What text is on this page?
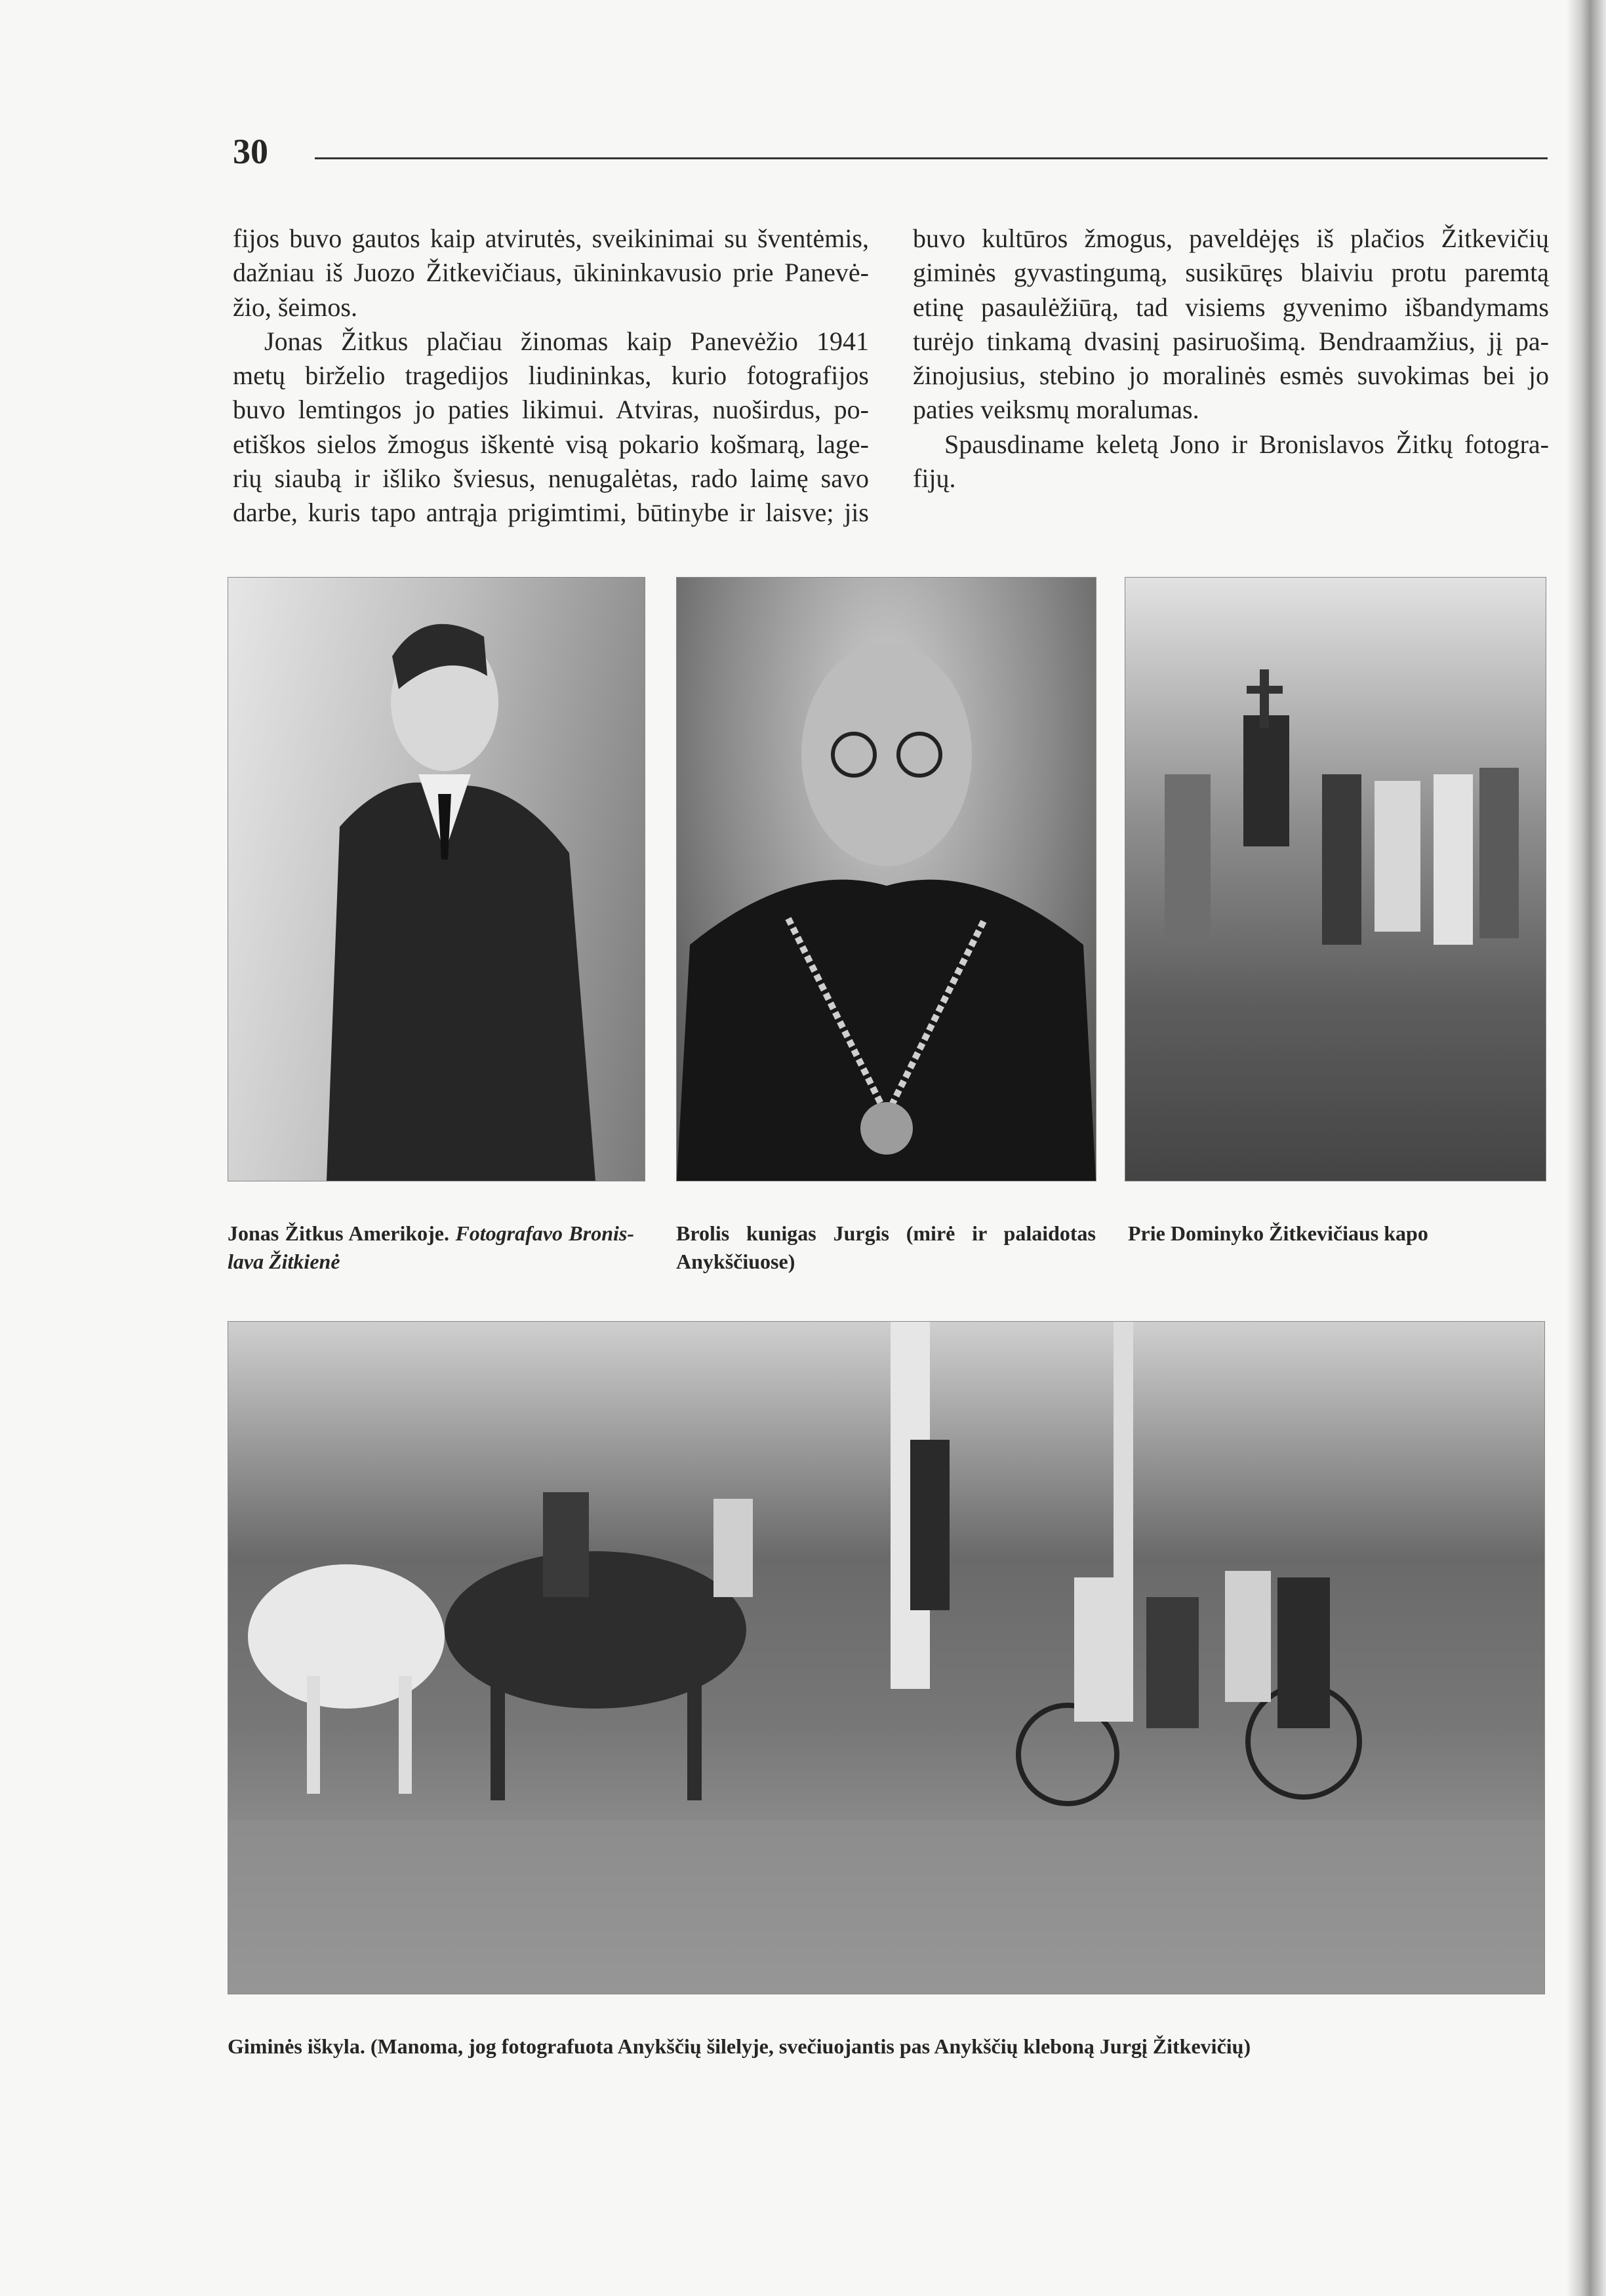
30
fijos buvo gautos kaip atvirutės, sveikinimai su šventėmis,
dažniau iš Juozo Žitkevičiaus, ūkininkavusio prie Panevė-
žio, šeimos.
Jonas Žitkus plačiau žinomas kaip Panevėžio 1941
metų birželio tragedijos liudininkas, kurio fotografijos
buvo lemtingos jo paties likimui. Atviras, nuoširdus, po-
etiškos sielos žmogus iškentė visą pokario košmarą, lage-
rių siaubą ir išliko šviesus, nenugalėtas, rado laimę savo
darbe, kuris tapo antrąja prigimtimi, būtinybe ir laisve; jis
buvo kultūros žmogus, paveldėjęs iš plačios Žitkevičių
giminės gyvastingumą, susikūręs blaiviu protu paremtą
etinę pasaulėžiūrą, tad visiems gyvenimo išbandymams
turėjo tinkamą dvasinį pasiruošimą. Bendraamžius, jį pa-
žinojusius, stebino jo moralinės esmės suvokimas bei jo
paties veiksmų moralumas.
Spausdiname keletą Jono ir Bronislavos Žitkų fotogra-
fijų.
Jonas Žitkus Amerikoje. Fotografavo Bronis-
lava Žitkienė
Brolis kunigas Jurgis (mirė ir palaidotas
Anykščiuose)
Prie Dominyko Žitkevičiaus kapo
Giminės iškyla. (Manoma, jog fotografuota Anykščių šilelyje, svečiuojantis pas Anykščių kleboną Jurgį Žitkevičių)
